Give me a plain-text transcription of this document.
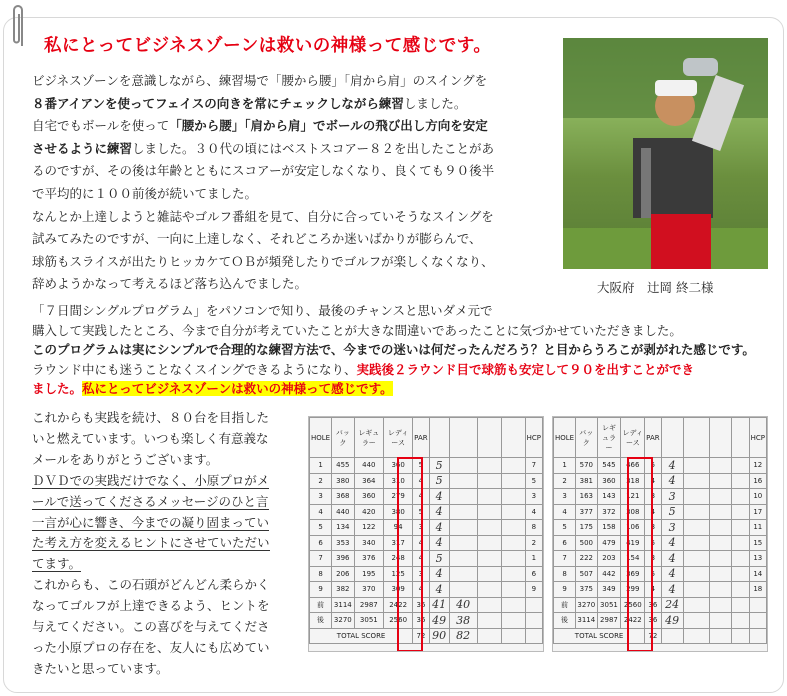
私にとってビジネスゾーンは救いの神様って感じです。

ビジネスゾーンを意識しながら、練習場で「腰から腰」「肩から肩」のスイングを

８番アイアンを使ってフェイスの向きを常にチェックしながら練習しました。

自宅でもボールを使って「腰から腰」「肩から肩」でボールの飛び出し方向を安定

させるように練習しました。３０代の頃にはベストスコアー８２を出したことがあ

るのですが、その後は年齢とともにスコアーが安定しなくなり、良くても９０後半

で平均的に１００前後が続いてました。

なんとか上達しようと雑誌やゴルフ番組を見て、自分に合っていそうなスイングを

試みてみたのですが、一向に上達しなく、それどころか迷いばかりが膨らんで、

球筋もスライスが出たりヒッカケてＯＢが頻発したりでゴルフが楽しくなくなり、

辞めようかなって考えるほど落ち込んでました。	大阪府　辻岡 終二様

「７日間シングルプログラム」をパソコンで知り、最後のチャンスと思いダメ元で

購入して実践したところ、今まで自分が考えていたことが大きな間違いであったことに気づかせていただきました。

このプログラムは実にシンプルで合理的な練習方法で、今までの迷いは何だったんだろう？と目からうろこが剥がれた感じです。

ラウンド中にも迷うことなくスイングできるようになり、実践後２ラウンド目で球筋も安定して９０を出すことができ

ました。私にとってビジネスゾーンは救いの神様って感じです。

これからも実践を続け、８０台を目指した

いと燃えています。いつも楽しく有意義な

メールをありがとうございます。

ＤＶＤでの実践だけでなく、小原プロがメ

ールで送ってくださるメッセージのひと言

一言が心に響き、今までの凝り固まってい

た考え方を変えるヒントにさせていただい

てます。

これからも、この石頭がどんどん柔らかく

なってゴルフが上達できるよう、ヒントを

与えてください。この喜びを与えてくださ

った小原プロの存在を、友人にも広めてい

きたいと思っています。

HOLE	バック	レギュラー	レディース	PAR					HCP
1	455	440	360	5	5				7
2	380	364	310	4	5				5
3	368	360	279	4	4				3
4	440	420	380	5	4				4
5	134	122	94	3	4				8
6	353	340	317	4	4				2
7	396	376	248	4	5				1
8	206	195	125	3	4				6
9	382	370	309	4	4				9
前	3114	2987	2422	36	41	40			
後	3270	3051	2560	36	49	38			
TOTAL SCORE				72	90	82			
HOLE	バック	レギュラー	レディース	PAR					HCP
1	570	545	466	5	4				12
2	381	360	318	4	4				16
3	163	143	121	3	3				10
4	377	372	308	4	5				17
5	175	158	106	3	3				11
6	500	479	419	5	4				15
7	222	203	154	3	4				13
8	507	442	369	5	4				14
9	375	349	299	4	4				18
前	3270	3051	2560	36	24				
後	3114	2987	2422	36	49				
TOTAL SCORE				72					
